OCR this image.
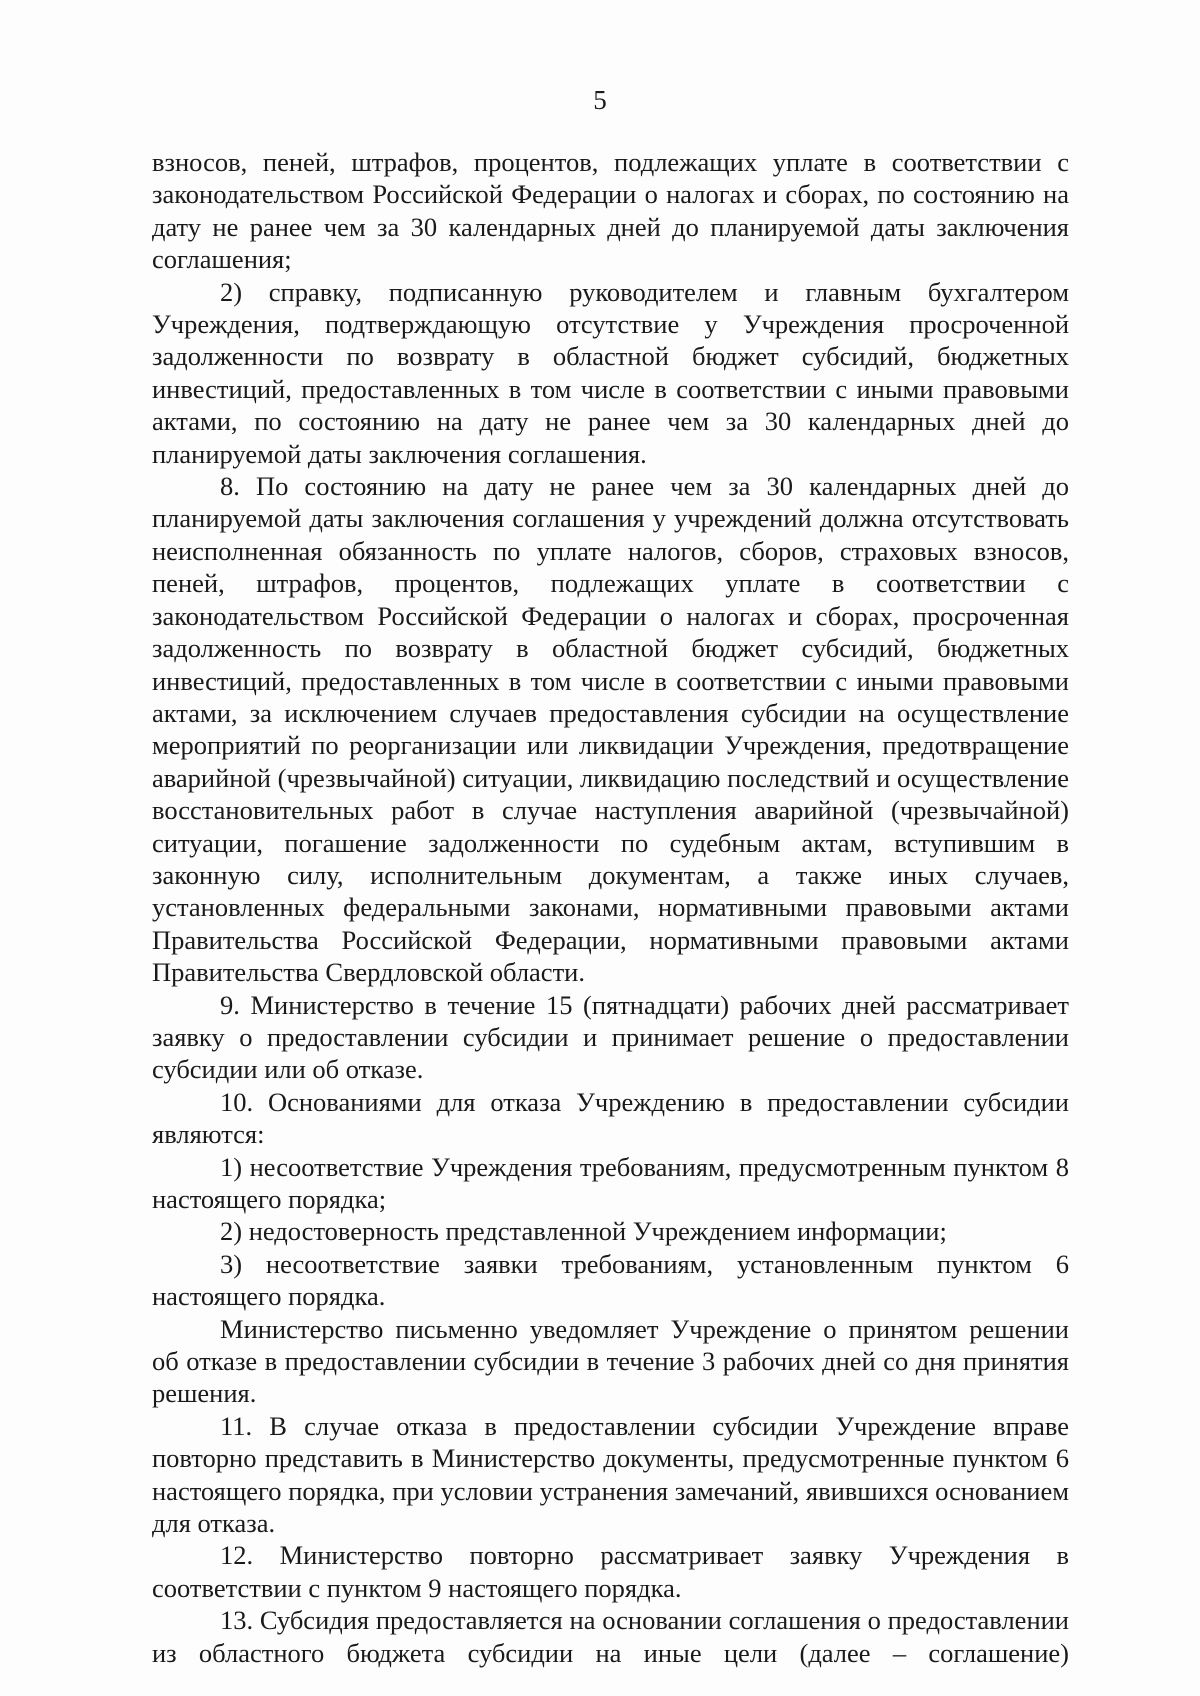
5

взносов, пеней, штрафов, процентов, подлежащих уплате в соответствии с законодательством Российской Федерации о налогах и сборах, по состоянию на дату не ранее чем за 30 календарных дней до планируемой даты заключения соглашения;

2) справку, подписанную руководителем и главным бухгалтером Учреждения, подтверждающую отсутствие у Учреждения просроченной задолженности по возврату в областной бюджет субсидий, бюджетных инвестиций, предоставленных в том числе в соответствии с иными правовыми актами, по состоянию на дату не ранее чем за 30 календарных дней до планируемой даты заключения соглашения.

8. По состоянию на дату не ранее чем за 30 календарных дней до планируемой даты заключения соглашения у учреждений должна отсутствовать неисполненная обязанность по уплате налогов, сборов, страховых взносов, пеней, штрафов, процентов, подлежащих уплате в соответствии с законодательством Российской Федерации о налогах и сборах, просроченная задолженность по возврату в областной бюджет субсидий, бюджетных инвестиций, предоставленных в том числе в соответствии с иными правовыми актами, за исключением случаев предоставления субсидии на осуществление мероприятий по реорганизации или ликвидации Учреждения, предотвращение аварийной (чрезвычайной) ситуации, ликвидацию последствий и осуществление восстановительных работ в случае наступления аварийной (чрезвычайной) ситуации, погашение задолженности по судебным актам, вступившим в законную силу, исполнительным документам, а также иных случаев, установленных федеральными законами, нормативными правовыми актами Правительства Российской Федерации, нормативными правовыми актами Правительства Свердловской области.

9. Министерство в течение 15 (пятнадцати) рабочих дней рассматривает заявку о предоставлении субсидии и принимает решение о предоставлении субсидии или об отказе.

10. Основаниями для отказа Учреждению в предоставлении субсидии являются:

1) несоответствие Учреждения требованиям, предусмотренным пунктом 8 настоящего порядка;

2) недостоверность представленной Учреждением информации;

3) несоответствие заявки требованиям, установленным пунктом 6 настоящего порядка.

Министерство письменно уведомляет Учреждение о принятом решении об отказе в предоставлении субсидии в течение 3 рабочих дней со дня принятия решения.

11. В случае отказа в предоставлении субсидии Учреждение вправе повторно представить в Министерство документы, предусмотренные пунктом 6 настоящего порядка, при условии устранения замечаний, явившихся основанием для отказа.

12. Министерство повторно рассматривает заявку Учреждения в соответствии с пунктом 9 настоящего порядка.

13. Субсидия предоставляется на основании соглашения о предоставлении из областного бюджета субсидии на иные цели (далее – соглашение)
